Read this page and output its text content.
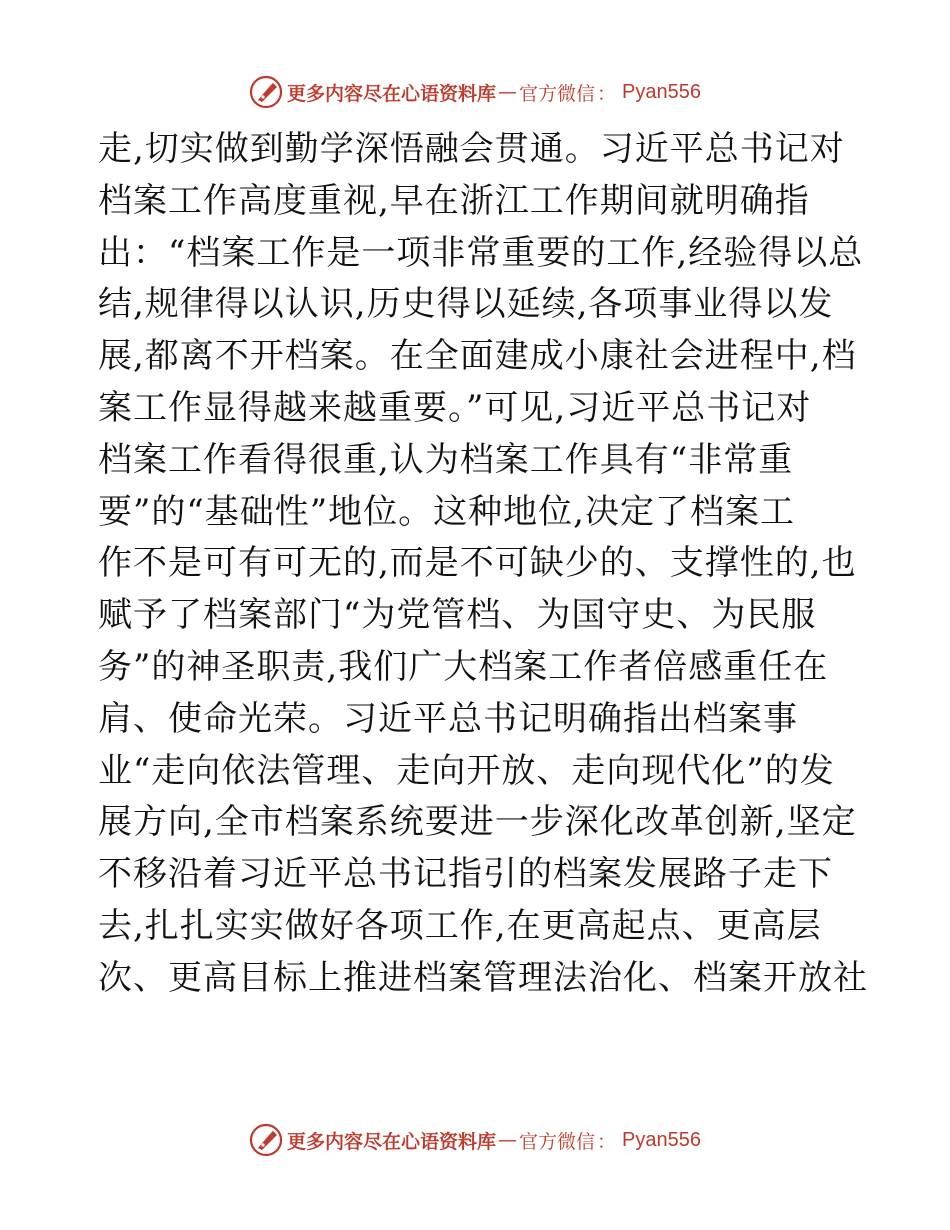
更多内容尽在心语资料库 — 官方微信 ： Pyan556
走,切实做到勤学深悟融会贯通。习近平总书记对
档案工作高度重视,早在浙江工作期间就明确指
出：“档案工作是一项非常重要的工作,经验得以总
结,规律得以认识,历史得以延续,各项事业得以发
展,都离不开档案。在全面建成小康社会进程中,档
案工作显得越来越重要。”可见,习近平总书记对
档案工作看得很重,认为档案工作具有“非常重
要”的“基础性”地位。这种地位,决定了档案工
作不是可有可无的,而是不可缺少的、支撑性的,也
赋予了档案部门“为党管档、为国守史、为民服
务”的神圣职责,我们广大档案工作者倍感重任在
肩、使命光荣。习近平总书记明确指出档案事
业“走向依法管理、走向开放、走向现代化”的发
展方向,全市档案系统要进一步深化改革创新,坚定
不移沿着习近平总书记指引的档案发展路子走下
去,扎扎实实做好各项工作,在更高起点、更高层
次、更高目标上推进档案管理法治化、档案开放社
更多内容尽在心语资料库 — 官方微信 ： Pyan556
